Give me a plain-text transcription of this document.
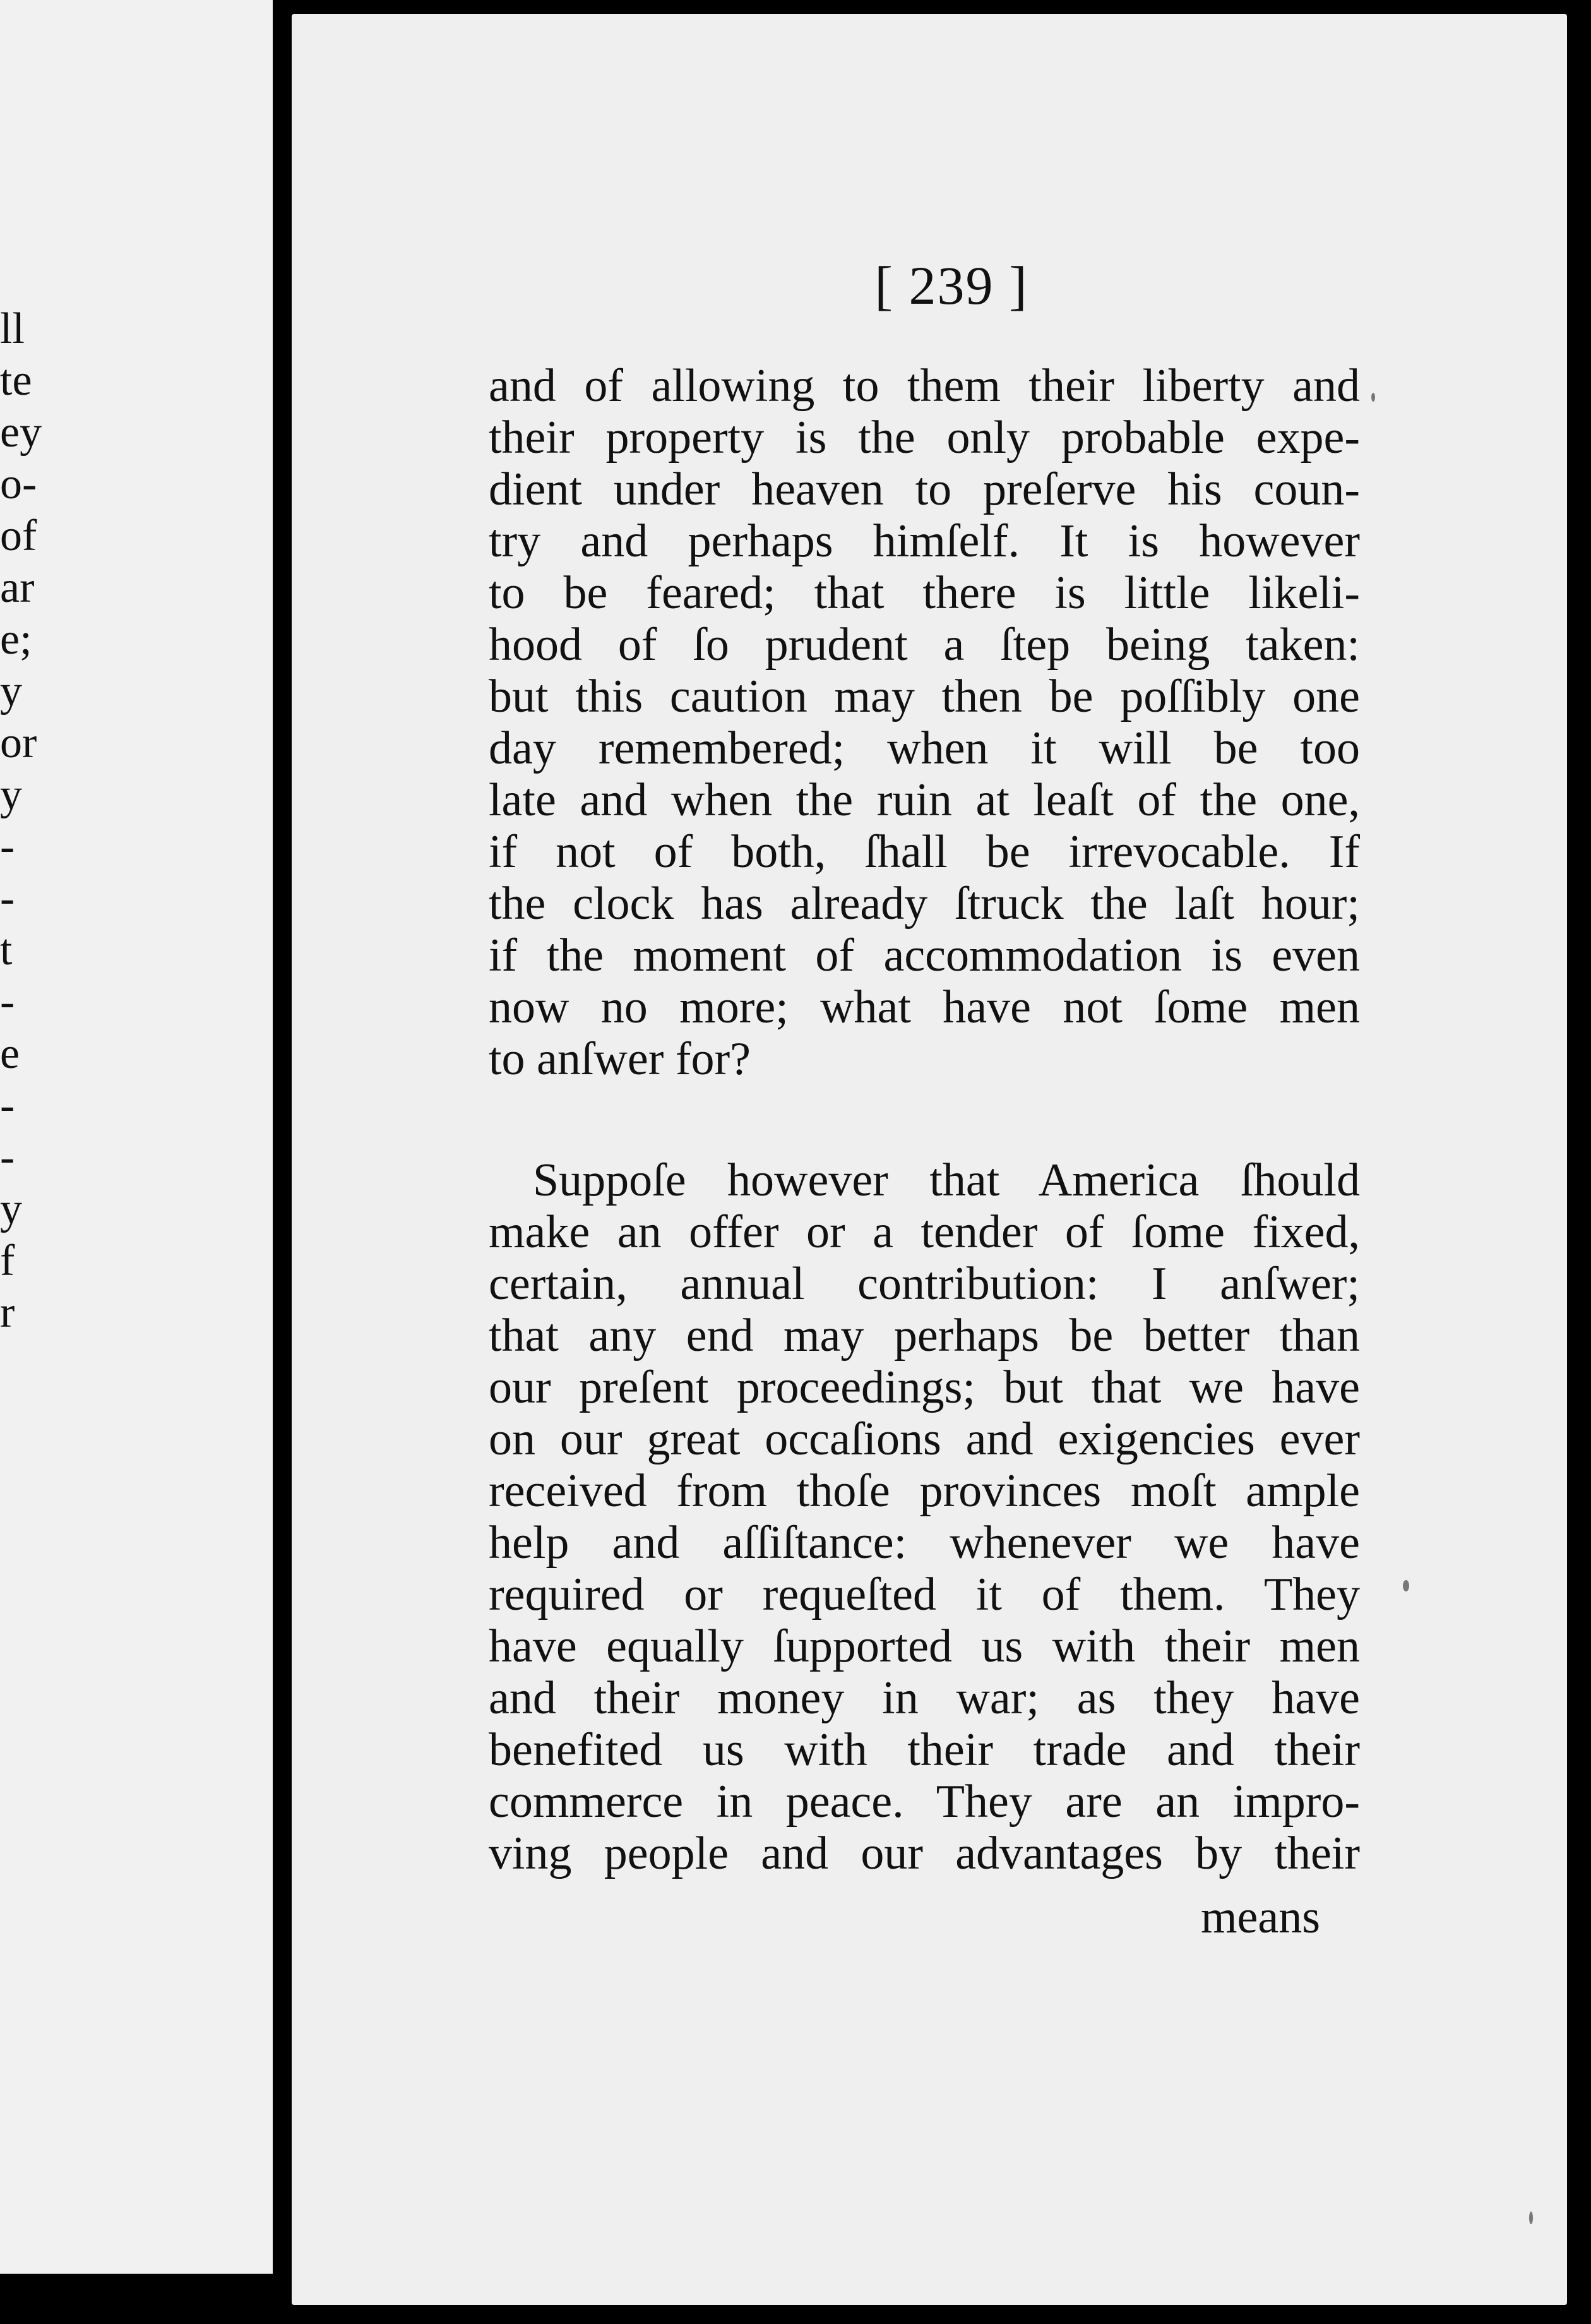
ll
te
ey
o-
of
ar
e;
y
or
y
-
-
t
-
e
-
-
y
f
r
[ 239 ]
and of allowing to them their liberty and
their property is the only probable expe-
dient under heaven to preſerve his coun-
try and perhaps himſelf. It is however
to be feared; that there is little likeli-
hood of ſo prudent a ſtep being taken:
but this caution may then be poſſibly one
day remembered; when it will be too
late and when the ruin at leaſt of the one,
if not of both, ſhall be irrevocable. If
the clock has already ſtruck the laſt hour;
if the moment of accommodation is even
now no more; what have not ſome men
to anſwer for?
Suppoſe however that America ſhould
make an offer or a tender of ſome fixed,
certain, annual contribution: I anſwer;
that any end may perhaps be better than
our preſent proceedings; but that we have
on our great occaſions and exigencies ever
received from thoſe provinces moſt ample
help and aſſiſtance: whenever we have
required or requeſted it of them. They
have equally ſupported us with their men
and their money in war; as they have
benefited us with their trade and their
commerce in peace. They are an impro-
ving people and our advantages by their
means
